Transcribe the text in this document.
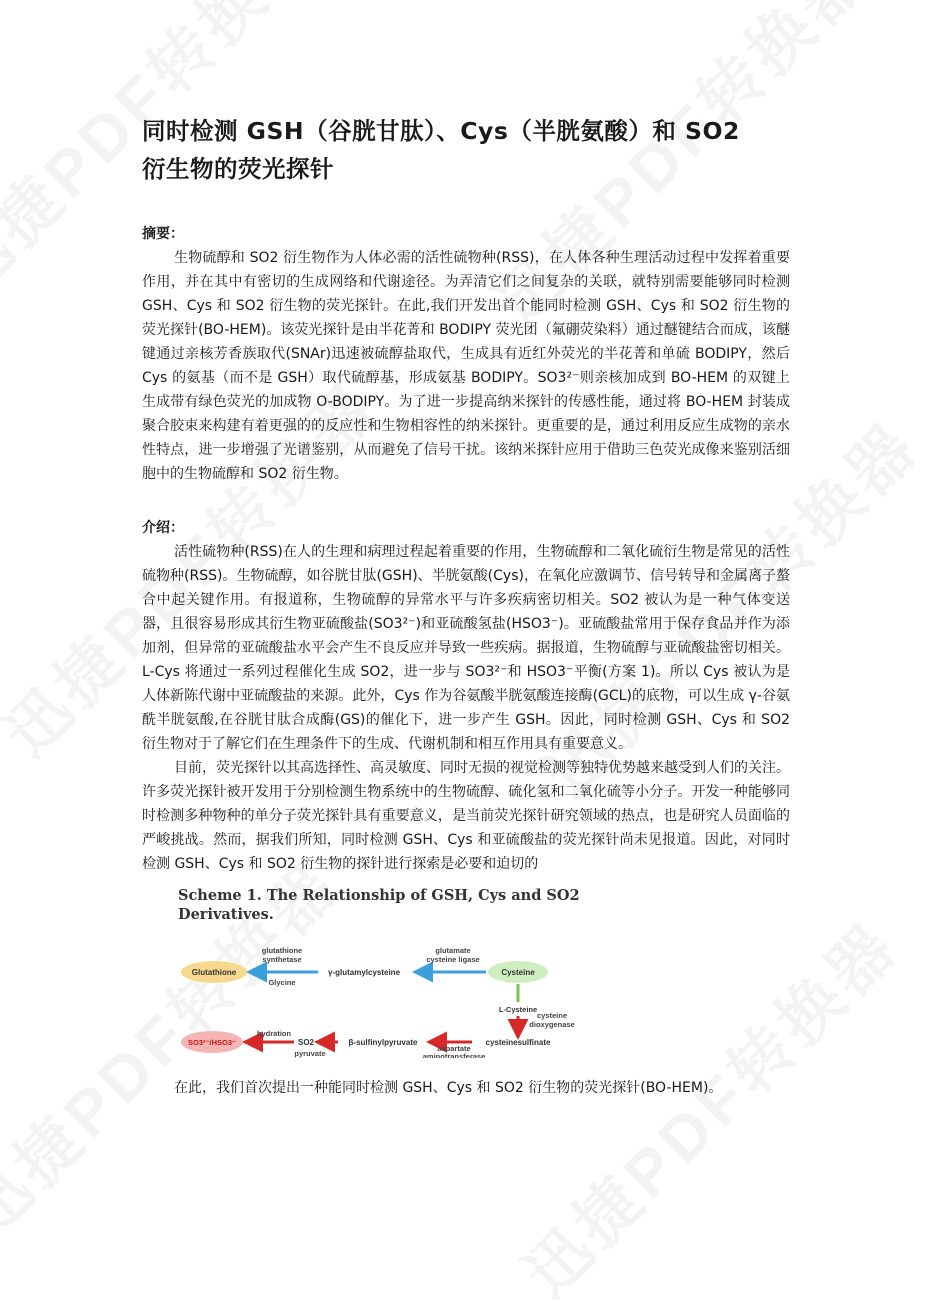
同时检测 GSH（谷胱甘肽）、Cys（半胱氨酸）和 SO2
衍生物的荧光探针

摘要：

生物硫醇和 SO2 衍生物作为人体必需的活性硫物种(RSS)，在人体各种生理活动过程中发挥着重要作用，并在其中有密切的生成网络和代谢途径。为弄清它们之间复杂的关联，就特别需要能够同时检测 GSH、Cys 和 SO2 衍生物的荧光探针。在此,我们开发出首个能同时检测 GSH、Cys 和 SO2 衍生物的荧光探针(BO-HEM)。该荧光探针是由半花菁和 BODIPY 荧光团（氟硼荧染料）通过醚键结合而成，该醚键通过亲核芳香族取代(SNAr)迅速被硫醇盐取代，生成具有近红外荧光的半花菁和单硫 BODIPY，然后 Cys 的氨基（而不是 GSH）取代硫醇基，形成氨基 BODIPY。SO3²⁻则亲核加成到 BO-HEM 的双键上生成带有绿色荧光的加成物 O-BODIPY。为了进一步提高纳米探针的传感性能，通过将 BO-HEM 封装成聚合胶束来构建有着更强的的反应性和生物相容性的纳米探针。更重要的是，通过利用反应生成物的亲水性特点，进一步增强了光谱鉴别，从而避免了信号干扰。该纳米探针应用于借助三色荧光成像来鉴别活细胞中的生物硫醇和 SO2 衍生物。

介绍：

活性硫物种(RSS)在人的生理和病理过程起着重要的作用，生物硫醇和二氧化硫衍生物是常见的活性硫物种(RSS)。生物硫醇，如谷胱甘肽(GSH)、半胱氨酸(Cys)，在氧化应激调节、信号转导和金属离子螯合中起关键作用。有报道称，生物硫醇的异常水平与许多疾病密切相关。SO2 被认为是一种气体变送器，且很容易形成其衍生物亚硫酸盐(SO3²⁻)和亚硫酸氢盐(HSO3⁻)。亚硫酸盐常用于保存食品并作为添加剂，但异常的亚硫酸盐水平会产生不良反应并导致一些疾病。据报道，生物硫醇与亚硫酸盐密切相关。L-Cys 将通过一系列过程催化生成 SO2，进一步与 SO3²⁻和 HSO3⁻平衡(方案 1)。所以 Cys 被认为是人体新陈代谢中亚硫酸盐的来源。此外，Cys 作为谷氨酸半胱氨酸连接酶(GCL)的底物，可以生成 γ-谷氨酰半胱氨酸,在谷胱甘肽合成酶(GS)的催化下，进一步产生 GSH。因此，同时检测 GSH、Cys 和 SO2 衍生物对于了解它们在生理条件下的生成、代谢机制和相互作用具有重要意义。

目前，荧光探针以其高选择性、高灵敏度、同时无损的视觉检测等独特优势越来越受到人们的关注。许多荧光探针被开发用于分别检测生物系统中的生物硫醇、硫化氢和二氧化硫等小分子。开发一种能够同时检测多种物种的单分子荧光探针具有重要意义，是当前荧光探针研究领域的热点，也是研究人员面临的严峻挑战。然而，据我们所知，同时检测 GSH、Cys 和亚硫酸盐的荧光探针尚未见报道。因此，对同时检测 GSH、Cys 和 SO2 衍生物的探针进行探索是必要和迫切的

Scheme 1. The Relationship of GSH, Cys and SO2
Derivatives.

Glutathione
glutathione
synthetase
Glycine
γ-glutamylcysteine
glutamate
cysteine ligase
Cysteine
L-Cysteine
cysteine
dioxygenase
cysteinesulfinate
aspartate
aminotransferase
β-sulfinylpyruvate
SO2
pyruvate
hydration
SO3²⁻/HSO3⁻

在此，我们首次提出一种能同时检测 GSH、Cys 和 SO2 衍生物的荧光探针(BO-HEM)。
